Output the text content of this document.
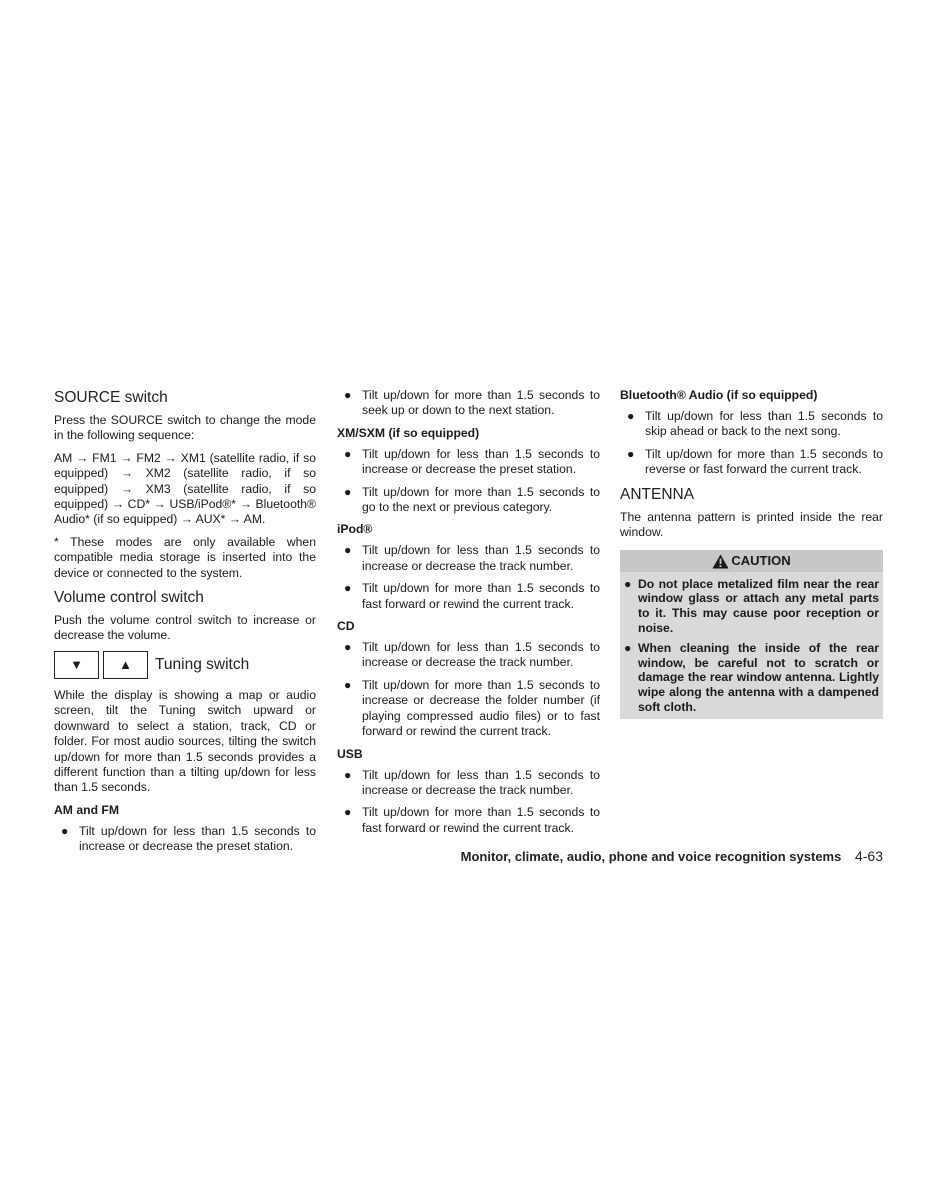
SOURCE switch

Press the SOURCE switch to change the mode in the following sequence:

AM → FM1 → FM2 → XM1 (satellite radio, if so equipped) → XM2 (satellite radio, if so equipped) → XM3 (satellite radio, if so equipped) → CD* → USB/iPod®* → Bluetooth® Audio* (if so equipped) → AUX* → AM.

* These modes are only available when compatible media storage is inserted into the device or connected to the system.

Volume control switch

Push the volume control switch to increase or decrease the volume.

▼	▲	Tuning switch

While the display is showing a map or audio screen, tilt the Tuning switch upward or downward to select a station, track, CD or folder. For most audio sources, tilting the switch up/down for more than 1.5 seconds provides a different function than a tilting up/down for less than 1.5 seconds.

AM and FM
● Tilt up/down for less than 1.5 seconds to increase or decrease the preset station.
● Tilt up/down for more than 1.5 seconds to seek up or down to the next station.
XM/SXM (if so equipped)
● Tilt up/down for less than 1.5 seconds to increase or decrease the preset station.
● Tilt up/down for more than 1.5 seconds to go to the next or previous category.
iPod®
● Tilt up/down for less than 1.5 seconds to increase or decrease the track number.
● Tilt up/down for more than 1.5 seconds to fast forward or rewind the current track.
CD
● Tilt up/down for less than 1.5 seconds to increase or decrease the track number.
● Tilt up/down for more than 1.5 seconds to increase or decrease the folder number (if playing compressed audio files) or to fast forward or rewind the current track.
USB
● Tilt up/down for less than 1.5 seconds to increase or decrease the track number.
● Tilt up/down for more than 1.5 seconds to fast forward or rewind the current track.
Bluetooth® Audio (if so equipped)
● Tilt up/down for less than 1.5 seconds to skip ahead or back to the next song.
● Tilt up/down for more than 1.5 seconds to reverse or fast forward the current track.
ANTENNA

The antenna pattern is printed inside the rear window.

CAUTION
● Do not place metalized film near the rear window glass or attach any metal parts to it. This may cause poor reception or noise.
● When cleaning the inside of the rear window, be careful not to scratch or damage the rear window antenna. Lightly wipe along the antenna with a dampened soft cloth.
Monitor, climate, audio, phone and voice recognition systems 4-63
